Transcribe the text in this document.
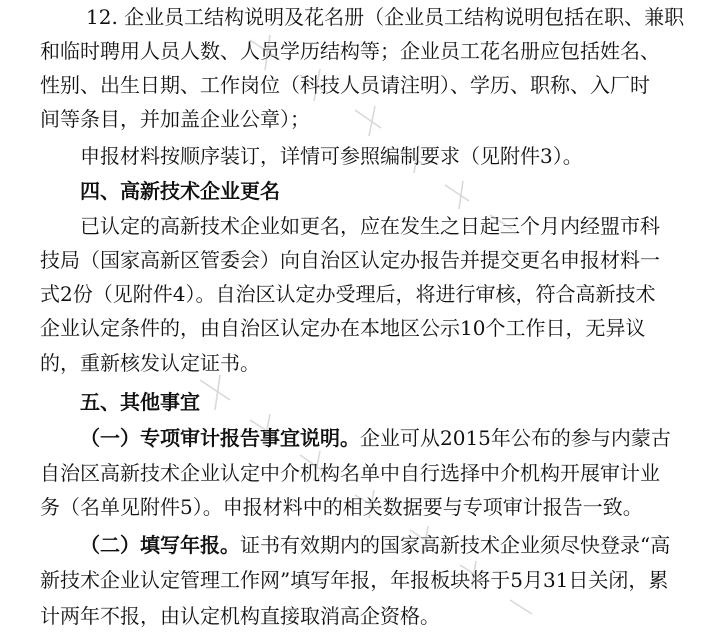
12. 企业员工结构说明及花名册（企业员工结构说明包括在职、兼职
和临时聘用人员人数、人员学历结构等；企业员工花名册应包括姓名、
性别、出生日期、工作岗位（科技人员请注明）、学历、职称、入厂时
间等条目，并加盖企业公章）；
申报材料按顺序装订，详情可参照编制要求（见附件3）。
四、高新技术企业更名
已认定的高新技术企业如更名，应在发生之日起三个月内经盟市科
技局（国家高新区管委会）向自治区认定办报告并提交更名申报材料一
式2份（见附件4）。自治区认定办受理后，将进行审核，符合高新技术
企业认定条件的，由自治区认定办在本地区公示10个工作日，无异议
的，重新核发认定证书。
五、其他事宜
（一）专项审计报告事宜说明。企业可从2015年公布的参与内蒙古
自治区高新技术企业认定中介机构名单中自行选择中介机构开展审计业
务（名单见附件5）。申报材料中的相关数据要与专项审计报告一致。
（二）填写年报。证书有效期内的国家高新技术企业须尽快登录“高
新技术企业认定管理工作网”填写年报，年报板块将于5月31日关闭，累
计两年不报，由认定机构直接取消高企资格。
